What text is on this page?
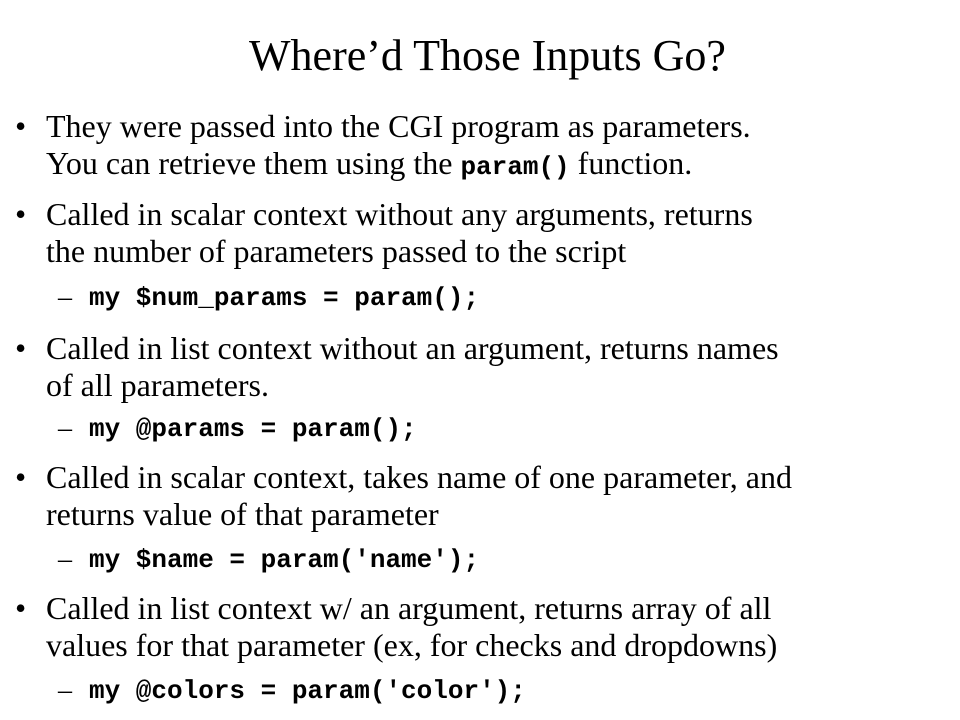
Where’d Those Inputs Go?
• They were passed into the CGI program as parameters.
You can retrieve them using the param() function.
• Called in scalar context without any arguments, returns
the number of parameters passed to the script
– my $num_params = param();
• Called in list context without an argument, returns names
of all parameters.
– my @params = param();
• Called in scalar context, takes name of one parameter, and
returns value of that parameter
– my $name = param('name');
• Called in list context w/ an argument, returns array of all
values for that parameter (ex, for checks and dropdowns)
– my @colors = param('color');
